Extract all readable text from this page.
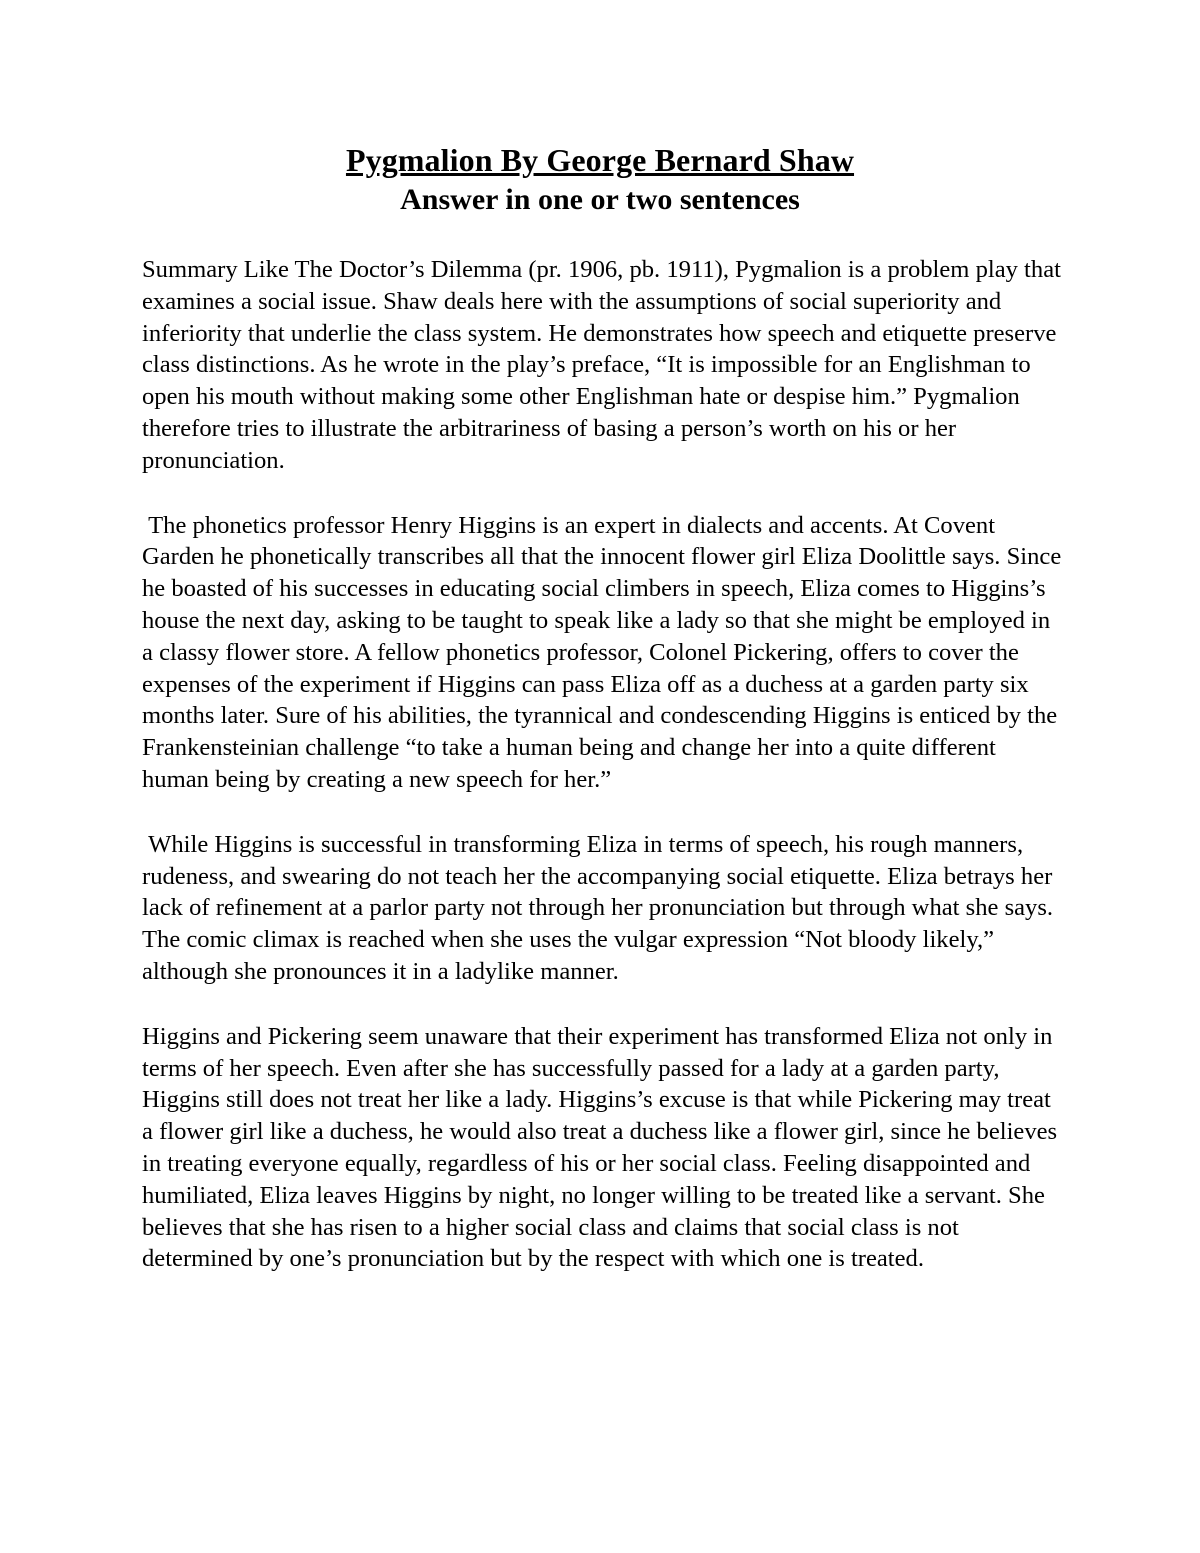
Pygmalion By George Bernard Shaw
Answer in one or two sentences

Summary Like The Doctor’s Dilemma (pr. 1906, pb. 1911), Pygmalion is a problem play that examines a social issue. Shaw deals here with the assumptions of social superiority and inferiority that underlie the class system. He demonstrates how speech and etiquette preserve class distinctions. As he wrote in the play’s preface, “It is impossible for an Englishman to open his mouth without making some other Englishman hate or despise him.” Pygmalion therefore tries to illustrate the arbitrariness of basing a person’s worth on his or her pronunciation.

The phonetics professor Henry Higgins is an expert in dialects and accents. At Covent Garden he phonetically transcribes all that the innocent flower girl Eliza Doolittle says. Since he boasted of his successes in educating social climbers in speech, Eliza comes to Higgins’s house the next day, asking to be taught to speak like a lady so that she might be employed in a classy flower store. A fellow phonetics professor, Colonel Pickering, offers to cover the expenses of the experiment if Higgins can pass Eliza off as a duchess at a garden party six months later. Sure of his abilities, the tyrannical and condescending Higgins is enticed by the Frankensteinian challenge “to take a human being and change her into a quite different human being by creating a new speech for her.”

While Higgins is successful in transforming Eliza in terms of speech, his rough manners, rudeness, and swearing do not teach her the accompanying social etiquette. Eliza betrays her lack of refinement at a parlor party not through her pronunciation but through what she says. The comic climax is reached when she uses the vulgar expression “Not bloody likely,” although she pronounces it in a ladylike manner.

Higgins and Pickering seem unaware that their experiment has transformed Eliza not only in terms of her speech. Even after she has successfully passed for a lady at a garden party, Higgins still does not treat her like a lady. Higgins’s excuse is that while Pickering may treat a flower girl like a duchess, he would also treat a duchess like a flower girl, since he believes in treating everyone equally, regardless of his or her social class. Feeling disappointed and humiliated, Eliza leaves Higgins by night, no longer willing to be treated like a servant. She believes that she has risen to a higher social class and claims that social class is not determined by one’s pronunciation but by the respect with which one is treated.
